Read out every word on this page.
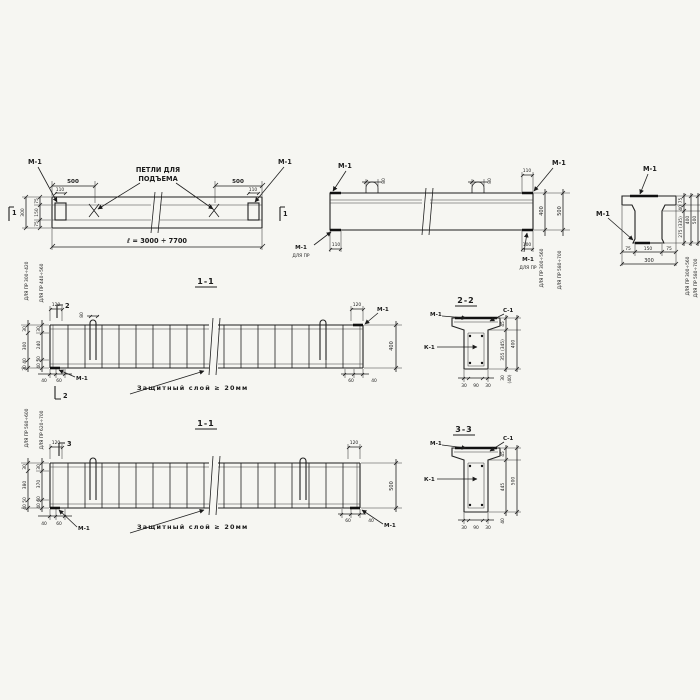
500	500
110	110
М-1	М-1
ПЕТЛИ ДЛЯ
ПОДЪЕМА
75
150
75
300
1	1
ℓ = 3000 ÷ 7700
80	80
М-1	М-1
110
М-1
ДЛЯ ПР
110	100
М-1
ДЛЯ ПР
400 500
ДЛЯ ПР 300÷560	ДЛЯ ПР 580÷700
М-1
М-1
75	150	75
300
75
40
275 (335) 400 500
ДЛЯ ПР 300÷560 ДЛЯ ПР 580÷700
1-1
2
2
ДЛЯ ПР 300÷420 ДЛЯ ПР 440÷560
30
300
40
30
30
240
50
40
120
80
40 60	М-1
Защитный слой ≥ 20мм
120
М-1
400
60	40
2-2
М-1
С-1
К-1
30 90 30
45
355 (345) 400
30 (40)
1-1
3
ДЛЯ ПР 580÷600 ДЛЯ ПР 620÷700
30
380
50
40
30
370
60
40
120
40 60
М-1	Защитный слой ≥ 20мм
120
500
60	40
М-1
3-3
М-1
С-1
К-1
30 90 30
45
445
500
40
